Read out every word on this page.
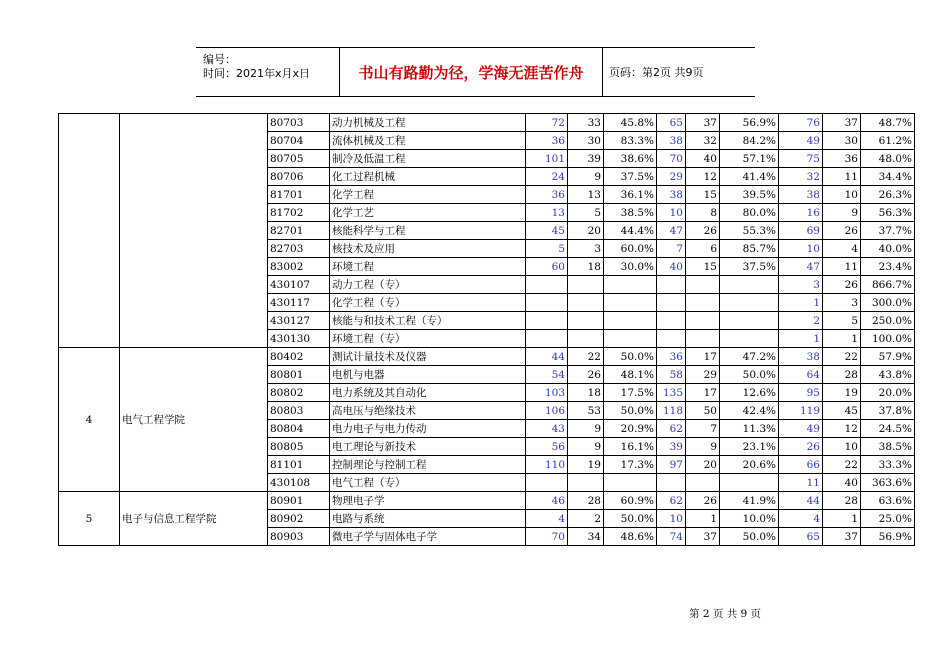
编号：
时间：2021年x月x日	书山有路勤为径，学海无涯苦作舟	页码：第2页 共9页
		80703	动力机械及工程	72	33	45.8%	65	37	56.9%	76	37	48.7%
		80704	流体机械及工程	36	30	83.3%	38	32	84.2%	49	30	61.2%
		80705	制冷及低温工程	101	39	38.6%	70	40	57.1%	75	36	48.0%
		80706	化工过程机械	24	9	37.5%	29	12	41.4%	32	11	34.4%
		81701	化学工程	36	13	36.1%	38	15	39.5%	38	10	26.3%
		81702	化学工艺	13	5	38.5%	10	8	80.0%	16	9	56.3%
		82701	核能科学与工程	45	20	44.4%	47	26	55.3%	69	26	37.7%
		82703	核技术及应用	5	3	60.0%	7	6	85.7%	10	4	40.0%
		83002	环境工程	60	18	30.0%	40	15	37.5%	47	11	23.4%
		430107	动力工程（专）							3	26	866.7%
		430117	化学工程（专）							1	3	300.0%
		430127	核能与和技术工程（专）							2	5	250.0%
		430130	环境工程（专）							1	1	100.0%
4	电气工程学院	80402	测试计量技术及仪器	44	22	50.0%	36	17	47.2%	38	22	57.9%
		80801	电机与电器	54	26	48.1%	58	29	50.0%	64	28	43.8%
		80802	电力系统及其自动化	103	18	17.5%	135	17	12.6%	95	19	20.0%
		80803	高电压与绝缘技术	106	53	50.0%	118	50	42.4%	119	45	37.8%
		80804	电力电子与电力传动	43	9	20.9%	62	7	11.3%	49	12	24.5%
		80805	电工理论与新技术	56	9	16.1%	39	9	23.1%	26	10	38.5%
		81101	控制理论与控制工程	110	19	17.3%	97	20	20.6%	66	22	33.3%
		430108	电气工程（专）							11	40	363.6%
5	电子与信息工程学院	80901	物理电子学	46	28	60.9%	62	26	41.9%	44	28	63.6%
		80902	电路与系统	4	2	50.0%	10	1	10.0%	4	1	25.0%
		80903	微电子学与固体电子学	70	34	48.6%	74	37	50.0%	65	37	56.9%
第 2 页 共 9 页
